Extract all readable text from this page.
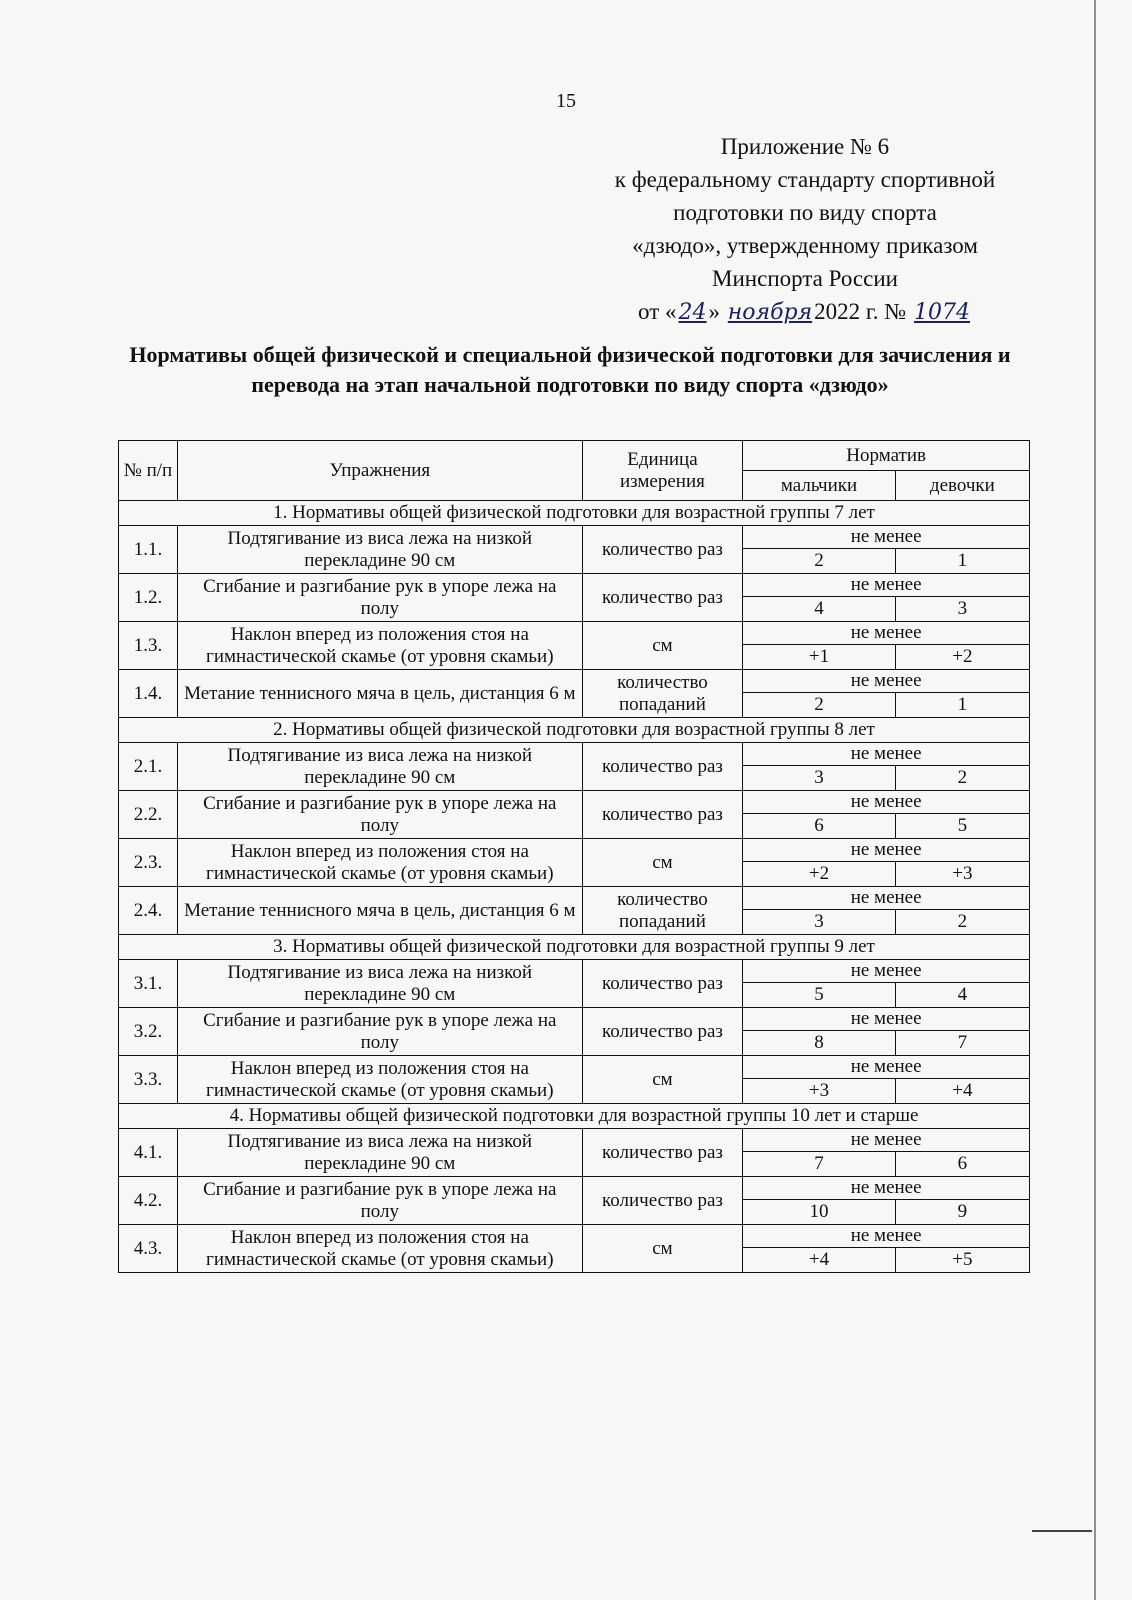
15
Приложение № 6
к федеральному стандарту спортивной
подготовки по виду спорта
«дзюдо», утвержденному приказом
Минспорта России
от «24» ноября2022 г. № 1074
Нормативы общей физической и специальной физической подготовки для зачисления и перевода на этап начальной подготовки по виду спорта «дзюдо»
№ п/п	Упражнения	Единица измерения	Норматив	
			мальчики	девочки
1. Нормативы общей физической подготовки для возрастной группы 7 лет				
1.1.	Подтягивание из виса лежа на низкой перекладине 90 см	количество раз	не менее	
			2	1
1.2.	Сгибание и разгибание рук в упоре лежа на полу	количество раз	не менее	
			4	3
1.3.	Наклон вперед из положения стоя на гимнастической скамье (от уровня скамьи)	см	не менее	
			+1	+2
1.4.	Метание теннисного мяча в цель, дистанция 6 м	количество попаданий	не менее	
			2	1
2. Нормативы общей физической подготовки для возрастной группы 8 лет				
2.1.	Подтягивание из виса лежа на низкой перекладине 90 см	количество раз	не менее	
			3	2
2.2.	Сгибание и разгибание рук в упоре лежа на полу	количество раз	не менее	
			6	5
2.3.	Наклон вперед из положения стоя на гимнастической скамье (от уровня скамьи)	см	не менее	
			+2	+3
2.4.	Метание теннисного мяча в цель, дистанция 6 м	количество попаданий	не менее	
			3	2
3. Нормативы общей физической подготовки для возрастной группы 9 лет				
3.1.	Подтягивание из виса лежа на низкой перекладине 90 см	количество раз	не менее	
			5	4
3.2.	Сгибание и разгибание рук в упоре лежа на полу	количество раз	не менее	
			8	7
3.3.	Наклон вперед из положения стоя на гимнастической скамье (от уровня скамьи)	см	не менее	
			+3	+4
4. Нормативы общей физической подготовки для возрастной группы 10 лет и старше				
4.1.	Подтягивание из виса лежа на низкой перекладине 90 см	количество раз	не менее	
			7	6
4.2.	Сгибание и разгибание рук в упоре лежа на полу	количество раз	не менее	
			10	9
4.3.	Наклон вперед из положения стоя на гимнастической скамье (от уровня скамьи)	см	не менее	
			+4	+5
